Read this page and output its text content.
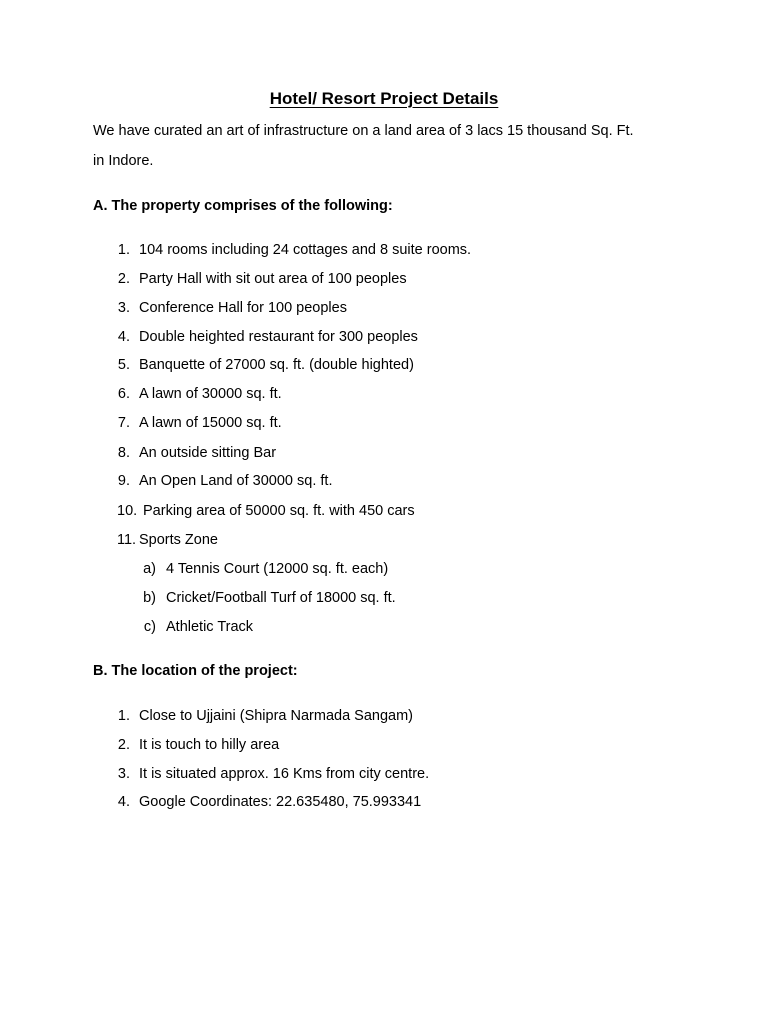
Hotel/ Resort Project Details

We have curated an art of infrastructure on a land area of 3 lacs 15 thousand Sq. Ft.

in Indore.

A. The property comprises of the following:
1. 104 rooms including 24 cottages and 8 suite rooms.
2. Party Hall with sit out area of 100 peoples
3. Conference Hall for 100 peoples
4. Double heighted restaurant for 300 peoples
5. Banquette of 27000 sq. ft. (double highted)
6. A lawn of 30000 sq. ft.
7. A lawn of 15000 sq. ft.
8. An outside sitting Bar
9. An Open Land of 30000 sq. ft.
10. Parking area of 50000 sq. ft. with 450 cars
11. Sports Zone
a) 4 Tennis Court (12000 sq. ft. each)
b) Cricket/Football Turf of 18000 sq. ft.
c) Athletic Track
B. The location of the project:
1. Close to Ujjaini (Shipra Narmada Sangam)
2. It is touch to hilly area
3. It is situated approx. 16 Kms from city centre.
4. Google Coordinates: 22.635480, 75.993341
